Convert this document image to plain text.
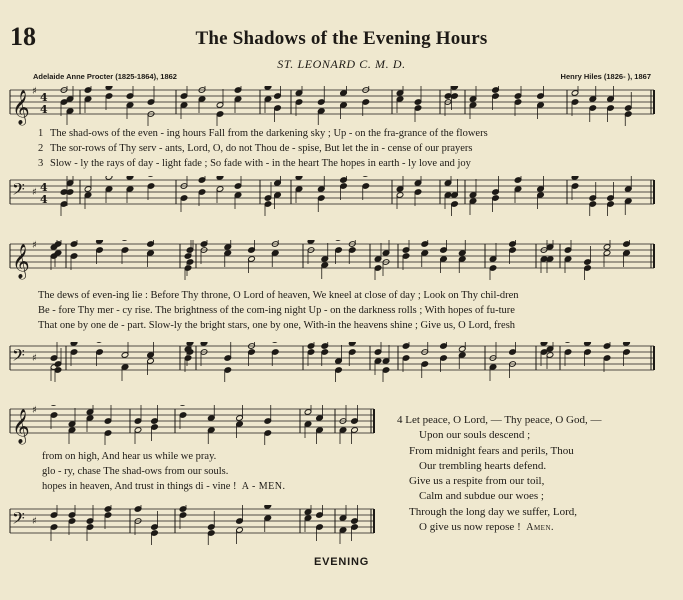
18	The Shadows of the Evening Hours
ST. LEONARD C. M. D.
Adelaide Anne Procter (1825-1864), 1862	Henry Hiles (1826- ), 1867
𝄞 ♯ 4
4
1 The shad-ows of the even - ing hours Fall from the darkening sky ; Up - on the fra-grance of the flowers
2 The sor-rows of Thy serv - ants, Lord, O, do not Thou de - spise, But let the in - cense of our prayers
3 Slow - ly the rays of day - light fade ; So fade with - in the heart The hopes in earth - ly love and joy
𝄢 ♯ 4
4
𝄞 ♯
The dews of even-ing lie : Before Thy throne, O Lord of heaven, We kneel at close of day ; Look on Thy chil-dren
Be - fore Thy mer - cy rise. The brightness of the com-ing night Up - on the darkness rolls ; With hopes of fu-ture
That one by one de - part. Slow-ly the bright stars, one by one, With-in the heavens shine ; Give us, O Lord, fresh
𝄢 ♯
𝄞 ♯
from on high, And hear us while we pray.
glo - ry, chase The shad-ows from our souls.
hopes in heaven, And trust in things di - vine ! A - MEN.
𝄢 ♯
4 Let peace, O Lord, — Thy peace, O God, —
Upon our souls descend ;
From midnight fears and perils, Thou
Our trembling hearts defend.
Give us a respite from our toil,
Calm and subdue our woes ;
Through the long day we suffer, Lord,
O give us now repose ! Amen.
EVENING
